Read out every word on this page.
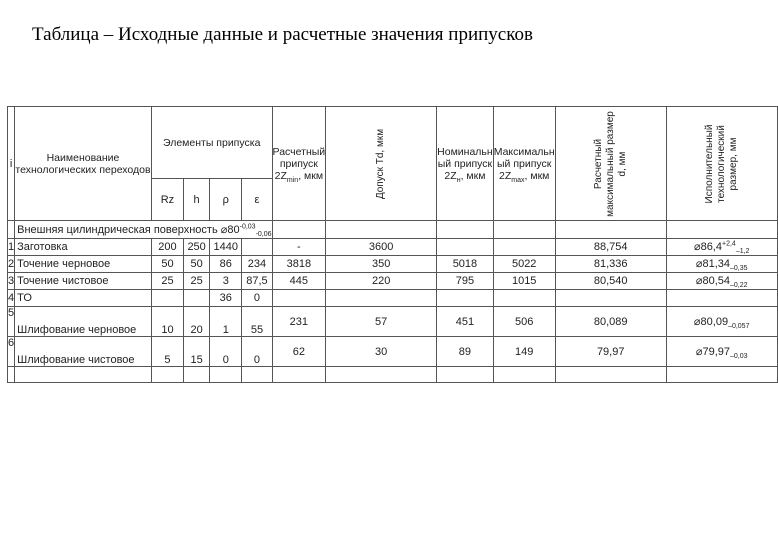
Таблица – Исходные данные и расчетные значения припусков
i	Наименование технологических переходов	Элементы припуска				Расчетный припуск $2Z_{min}$, мкм	Допуск Td, мкм	Номинальн ый припуск $2Z_н$, мкм	Максимальн ый припуск $2Z_{max}$, мкм	Расчетный максимальный размер d, мм	Исполнительный технологический размер, мм
		Rz	h	ρ	ε						
	Внешняя цилиндрическая поверхность $⌀80^{-0,03}_{-0,06}$						
1	Заготовка	200	250	1440		-	3600			88,754	$⌀86,4^{+2,4}_{-1,2}$
2	Точение черновое	50	50	86	234	3818	350	5018	5022	81,336	$⌀81,34_{-0,35}$
3	Точение чистовое	25	25	3	87,5	445	220	795	1015	80,540	$⌀80,54_{-0,22}$
4	ТО			36	0						
5	Шлифование черновое	10	20	1	55	231	57	451	506	80,089	$⌀80,09_{-0,057}$
6	Шлифование чистовое	5	15	0	0	62	30	89	149	79,97	$⌀79,97_{-0,03}$
